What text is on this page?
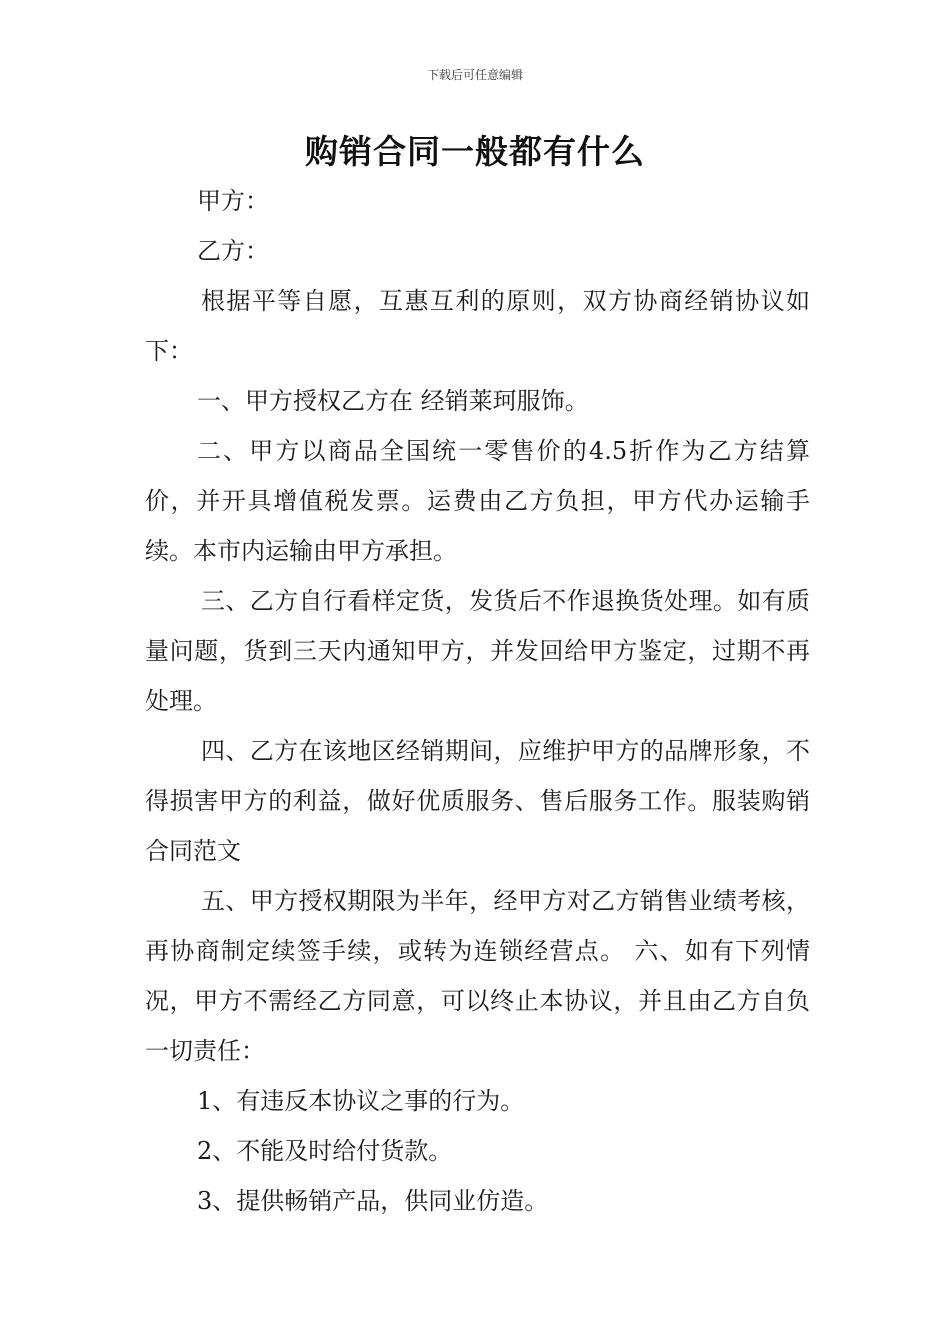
下载后可任意编辑
购销合同一般都有什么

甲方：

乙方：

根据平等自愿，互惠互利的原则，双方协商经销协议如下：

一、甲方授权乙方在 经销莱珂服饰。

二、甲方以商品全国统一零售价的4.5折作为乙方结算价，并开具增值税发票。运费由乙方负担，甲方代办运输手续。本市内运输由甲方承担。

三、乙方自行看样定货，发货后不作退换货处理。如有质量问题，货到三天内通知甲方，并发回给甲方鉴定，过期不再处理。

四、乙方在该地区经销期间，应维护甲方的品牌形象，不得损害甲方的利益，做好优质服务、售后服务工作。服装购销合同范文

五、甲方授权期限为半年，经甲方对乙方销售业绩考核，再协商制定续签手续，或转为连锁经营点。 六、如有下列情况，甲方不需经乙方同意，可以终止本协议，并且由乙方自负一切责任：

1、有违反本协议之事的行为。

2、不能及时给付货款。

3、提供畅销产品，供同业仿造。
